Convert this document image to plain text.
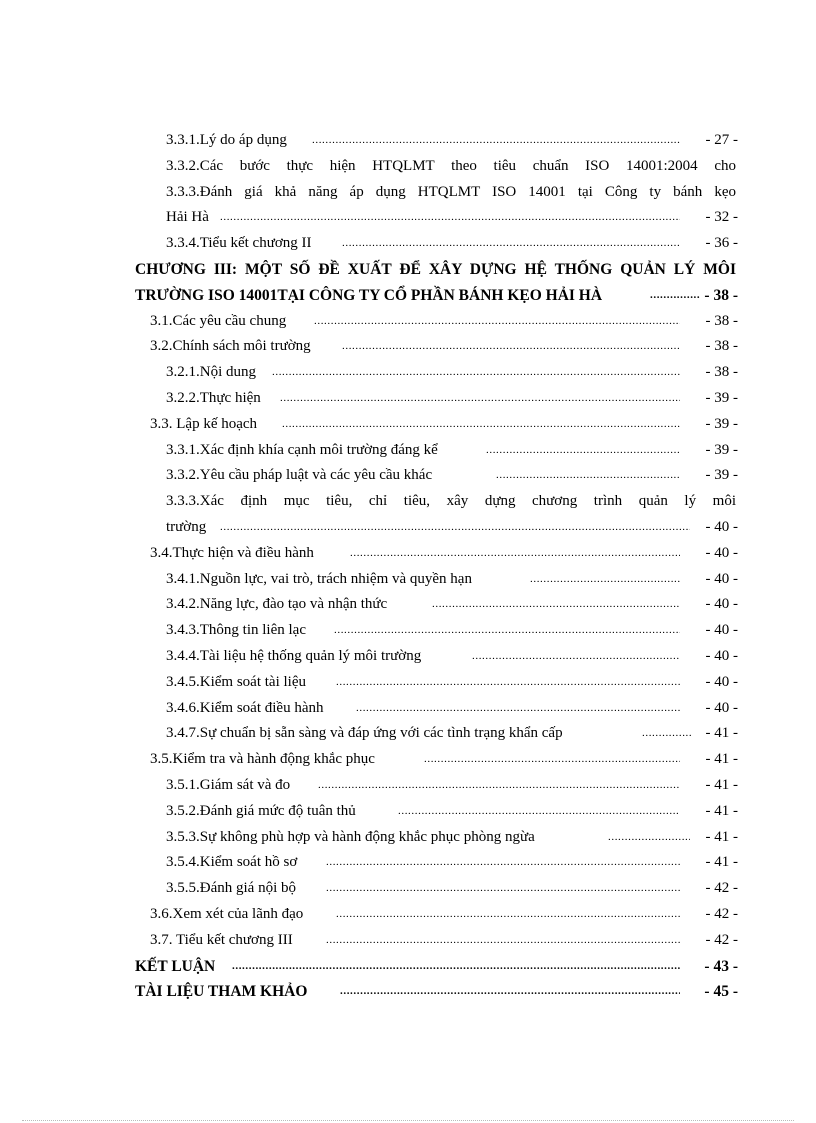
3.3.1.Lý do áp dụng .....	- 27 -
3.3.2.Các bước thực hiện HTQLMT theo tiêu chuẩn ISO 14001:2004 cho
3.3.3.Đánh giá khả năng áp dụng HTQLMT ISO 14001 tại Công ty bánh kẹo
Hải Hà .....	- 32 -
3.3.4.Tiểu kết chương II .....	- 36 -
CHƯƠNG III: MỘT SỐ ĐỀ XUẤT ĐỂ XÂY DỰNG HỆ THỐNG QUẢN LÝ MÔI
TRƯỜNG ISO 14001TẠI CÔNG TY CỔ PHẦN BÁNH KẸO HẢI HÀ .....	- 38 -
3.1.Các yêu cầu chung .....	- 38 -
3.2.Chính sách môi trường .....	- 38 -
3.2.1.Nội dung .....	- 38 -
3.2.2.Thực hiện .....	- 39 -
3.3. Lập kế hoạch .....	- 39 -
3.3.1.Xác định khía cạnh môi trường đáng kể .....	- 39 -
3.3.2.Yêu cầu pháp luật và các yêu cầu khác .....	- 39 -
3.3.3.Xác định mục tiêu, chỉ tiêu, xây dựng chương trình quản lý môi
trường .....	- 40 -
3.4.Thực hiện và điều hành .....	- 40 -
3.4.1.Nguồn lực, vai trò, trách nhiệm và quyền hạn .....	- 40 -
3.4.2.Năng lực, đào tạo và nhận thức .....	- 40 -
3.4.3.Thông tin liên lạc .....	- 40 -
3.4.4.Tài liệu hệ thống quản lý môi trường .....	- 40 -
3.4.5.Kiểm soát tài liệu .....	- 40 -
3.4.6.Kiểm soát điều hành .....	- 40 -
3.4.7.Sự chuẩn bị sẵn sàng và đáp ứng với các tình trạng khẩn cấp .....	- 41 -
3.5.Kiểm tra và hành động khắc phục .....	- 41 -
3.5.1.Giám sát và đo .....	- 41 -
3.5.2.Đánh giá mức độ tuân thủ .....	- 41 -
3.5.3.Sự không phù hợp và hành động khắc phục phòng ngừa .....	- 41 -
3.5.4.Kiểm soát hồ sơ .....	- 41 -
3.5.5.Đánh giá nội bộ .....	- 42 -
3.6.Xem xét của lãnh đạo .....	- 42 -
3.7. Tiểu kết chương III .....	- 42 -
KẾT LUẬN .....	- 43 -
TÀI LIỆU THAM KHẢO .....	- 45 -
